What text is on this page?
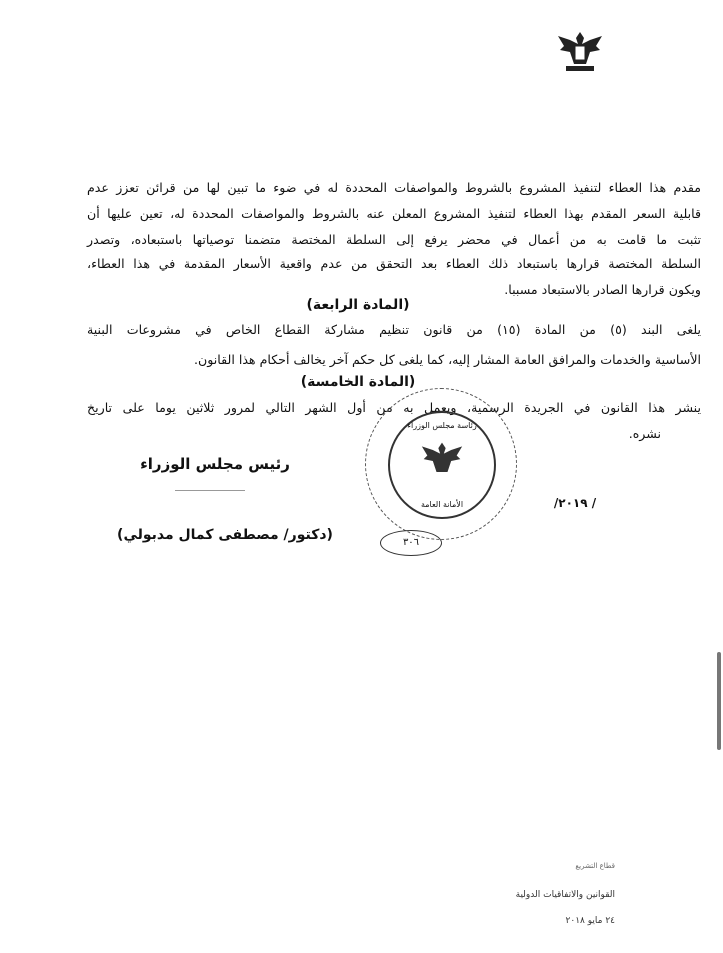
مقدم هذا العطاء لتنفيذ المشروع بالشروط والمواصفات المحددة له في ضوء ما تبين لها من قرائن تعزز عدم
قابلية السعر المقدم بهذا العطاء لتنفيذ المشروع المعلن عنه بالشروط والمواصفات المحددة له، تعين عليها أن
تثبت ما قامت به من أعمال في محضر يرفع إلى السلطة المختصة متضمنا توصياتها باستبعاده، وتصدر
السلطة المختصة قرارها باستبعاد ذلك العطاء بعد التحقق من عدم واقعية الأسعار المقدمة في هذا العطاء،
ويكون قرارها الصادر بالاستبعاد مسببا.
(المادة الرابعة)
يلغى البند (٥) من المادة (١٥) من قانون تنظيم مشاركة القطاع الخاص في مشروعات البنية
الأساسية والخدمات والمرافق العامة المشار إليه، كما يلغى كل حكم آخر يخالف أحكام هذا القانون.
(المادة الخامسة)
ينشر هذا القانون في الجريدة الرسمية، ويعمل به من أول الشهر التالي لمرور ثلاثين يوما على تاريخ
نشره.
رئاسة مجلس الوزراء
الأمانة العامة
٣٠٦
رئيس مجلس الوزراء
(دكتور/ مصطفى كمال مدبولي)
/ ٢٠١٩/
قطاع التشريع
القوانين والاتفاقيات الدولية
٢٤ مايو ٢٠١٨
